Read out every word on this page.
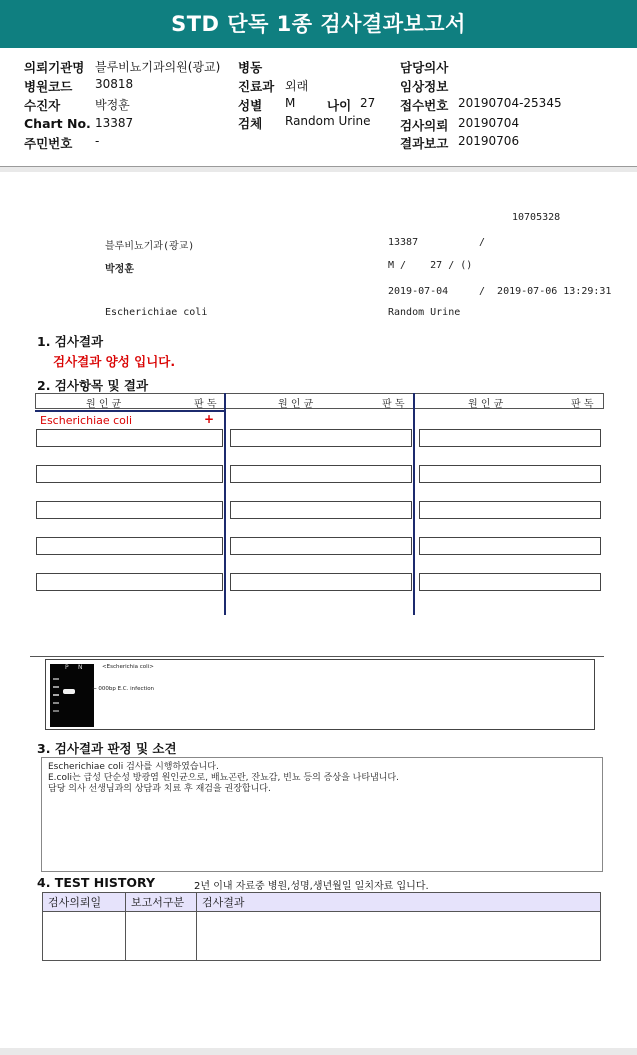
STD 단독 1종 검사결과보고서
의뢰기관명 블루비뇨기과의원(광교) 병동	담당의사
병원코드 30818	진료과 외래	임상정보
수진자	박정훈	성별 M	나이 27 접수번호 20190704-25345
Chart No. 13387	검체 Random Urine 검사의뢰 20190704
주민번호 -	결과보고 20190706
10705328
블루비뇨기과(광교)	13387	/
박정훈	M /    27 / ()
2019-07-04	/  2019-07-06 13:29:31
Escherichiae coli	Random Urine
1. 검사결과
검사결과 양성 입니다.
2. 검사항목 및 결과
원 인 균	판 독	원 인 균	판 독	원 인 균	판 독
Escherichiae coli	+
P N	<Escherichia coli>
← 000bp E.C. infection
3. 검사결과 판정 및 소견
Escherichiae coli 검사를 시행하였습니다.
E.coli는 급성 단순성 방광염 원인균으로, 배뇨곤란, 잔뇨감, 빈뇨 등의 증상을 나타냅니다.
담당 의사 선생님과의 상담과 치료 후 재검을 권장합니다.
4. TEST HISTORY	2년 이내 자료중 병원,성명,생년월일 일치자료 입니다.
검사의뢰일	보고서구분	검사결과
